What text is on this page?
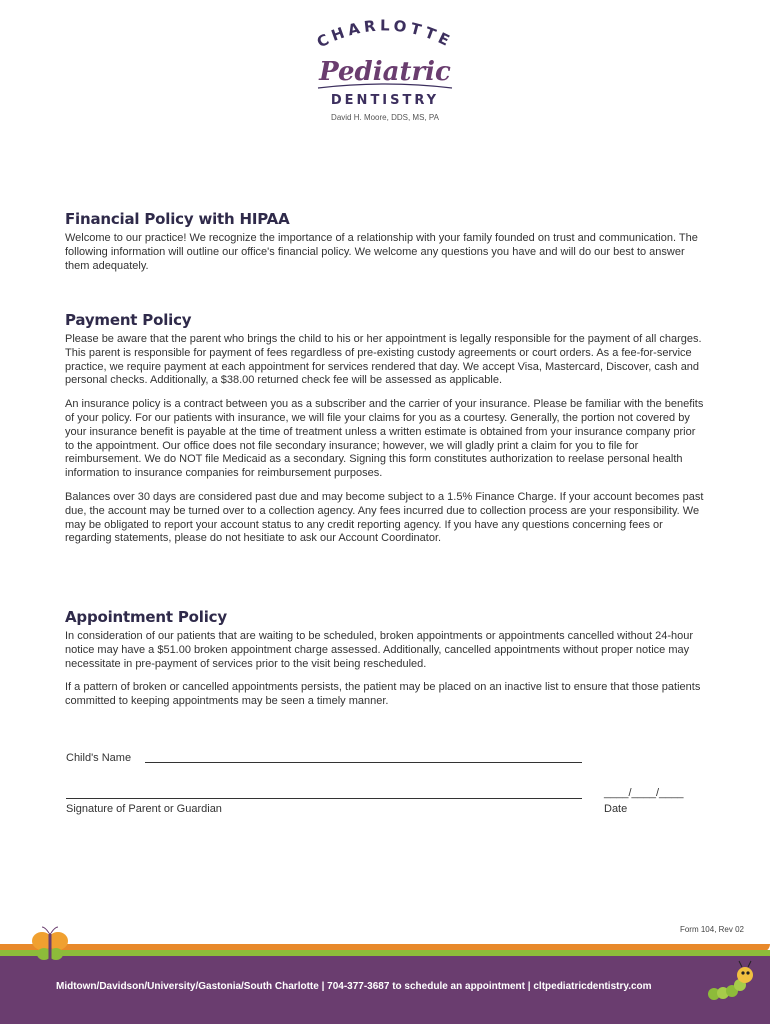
CHARLOTTE
Pediatric
DENTISTRY
David H. Moore, DDS, MS, PA
Financial Policy with HIPAA

Welcome to our practice! We recognize the importance of a relationship with your family founded on trust and communication. The following information will outline our office's financial policy. We welcome any questions you have and will do our best to answer them adequately.

Payment Policy

Please be aware that the parent who brings the child to his or her appointment is legally responsible for the payment of all charges. This parent is responsible for payment of fees regardless of pre-existing custody agreements or court orders. As a fee-for-service practice, we require payment at each appointment for services rendered that day. We accept Visa, Mastercard, Discover, cash and personal checks. Additionally, a $38.00 returned check fee will be assessed as applicable.

An insurance policy is a contract between you as a subscriber and the carrier of your insurance. Please be familiar with the benefits of your policy. For our patients with insurance, we will file your claims for you as a courtesy. Generally, the portion not covered by your insurance benefit is payable at the time of treatment unless a written estimate is obtained from your insurance company prior to the appointment. Our office does not file secondary insurance; however, we will gladly print a claim for you to file for reimbursement. We do NOT file Medicaid as a secondary. Signing this form constitutes authorization to reelase personal health information to insurance companies for reimbursement purposes.

Balances over 30 days are considered past due and may become subject to a 1.5% Finance Charge. If your account becomes past due, the account may be turned over to a collection agency. Any fees incurred due to collection process are your responsibility. We may be obligated to report your account status to any credit reporting agency. If you have any questions concerning fees or regarding statements, please do not hesitiate to ask our Account Coordinator.

Appointment Policy

In consideration of our patients that are waiting to be scheduled, broken appointments or appointments cancelled without 24-hour notice may have a $51.00 broken appointment charge assessed. Additionally, cancelled appointments without proper notice may necessitate in pre-payment of services prior to the visit being rescheduled.

If a pattern of broken or cancelled appointments persists, the patient may be placed on an inactive list to ensure that those patients committed to keeping appointments may be seen a timely manner.

Child's Name
Signature of Parent or Guardian
____/____/____
Date
Form 104, Rev 02
Midtown/Davidson/University/Gastonia/South Charlotte | 704-377-3687 to schedule an appointment | cltpediatricdentistry.com
